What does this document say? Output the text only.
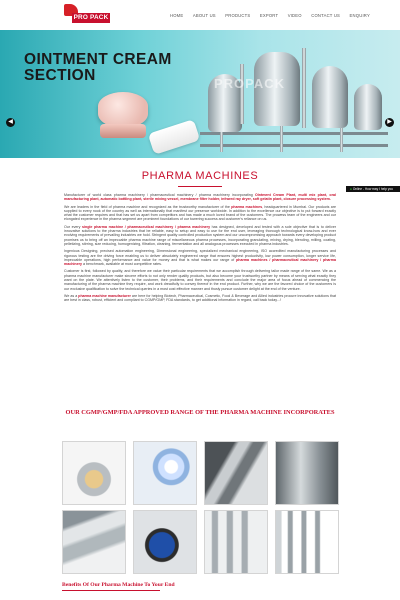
PRO PACK	HOME ABOUT US PRODUCTS EXPORT VIDEO CONTACT US ENQUIRY
OINTMENT CREAM
SECTION	PROPACK
◀	▶
PHARMA MACHINES
● Online - How may I help you

Manufacturer of world class pharma machinery / pharmaceutical machinery / pharma machinery incorporating Ointment Cream Plant, multi mix plant, oral manufacturing plant, automatic bottling plant, sterile mixing vessel, membrane filter holder, infrared ray dryer, soft gelatin plant, closure processing system.

We are leaders in the field of pharma machine and recognized as the trustworthy manufacturer of the pharma machines, headquartered in Mumbai. Our products are supplied to every nook of the country as well as internationally that manifest our presence worldwide. In addition to the excellence our objective is to put forward exactly what the customer requires and that has set us apart from competitors and has made a much loved brand of the customers. The prowess team of the engineers and our elongated experience in the pharma segment are prominent foundations of our towering success and customer's reliance on us.

Our every single pharma machine / pharmaceutical machinery / pharma machinery has designed, developed and tested with a sole objective that is to deliver innovative solutions to the pharma industries that be reliable, easy to setup and easy to use for the end user, leveraging thorough technological know-how and ever evolving requirements of prevailing industries we hold. Stringent quality controlled production system and our uncompromising approach towards every developing product promises us to bring off an impeccable pharma machine range of miscellaneous pharma processes, incorporating granulating, mixing, drying, blending, milling, coating, pelletizing, stirring, size reducing, homogenizing, filtration, cleaning, fermentation and all analogous processes executed in pharma industries.

Ingenious Designing, precised automation engineering, Dimensional engineering, specialized mechanical engineering, ISO accredited manufacturing processes and rigorous testing are the driving force enabling us to deliver absolutely engineered range that ensures highest productivity, low power consumption, longer service life, impeccable operations, high performance and value for money and that is what makes our range of pharma machines / pharmaceutical machinery / pharma machinery a benchmark, available at most competitive rates.

Customer is first, followed by quality, and therefore we value their particular requirements that we accomplish through delivering tailor made range of the same. We as a pharma machine manufacturer make sincere efforts to not only render quality products, but also become your trustworthy partner by means of serving what exactly they want on the plate. We attentively listen to the customer, their problems, and their requirements and conclude the major area of focus ahead of commencing the manufacturing of the pharma machine they require, and work dreadfully to convey thereof in the end product. Further, why we are the favored choice of the customers is our exclusive qualification to solve the technical queries in a most cost effective manner and thusly pursue customer delight at the end of the venture.

We as a pharma machine manufacturer are here for helping Biotech, Pharmaceutical, Cosmetic, Food & Beverage and Allied industries procure innovative solutions that are best in class, robust, efficient and compliant to CGMP/GMP, FDA standards, to get additional information in regard, call back today...!

OUR CGMP/GMP/FDA APPROVED RANGE OF THE PHARMA MACHINE INCORPORATES
Benefits Of Our Pharma Machine To Your End
